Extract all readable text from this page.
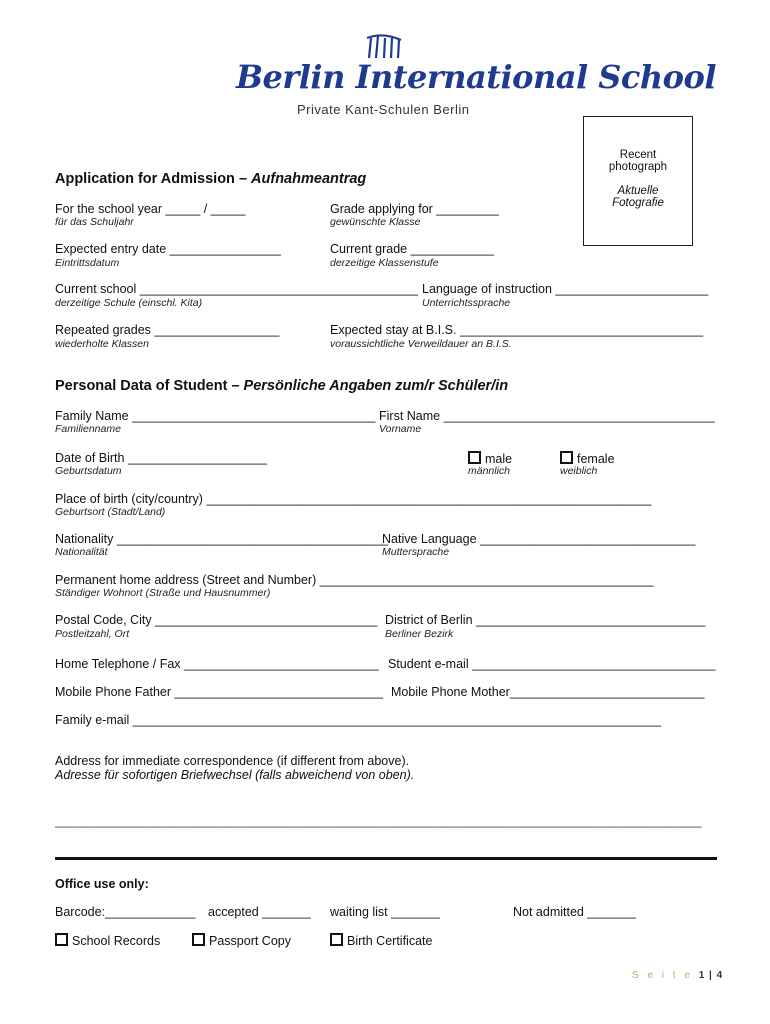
Berlin International School
Private Kant-Schulen Berlin
Recent
photograph
Aktuelle
Fotografie
Application for Admission – Aufnahmeantrag
For the school year _____ / _____
für das Schuljahr
Grade applying for _________
gewünschte Klasse
Expected entry date ________________
Eintrittsdatum
Current grade ____________
derzeitige Klassenstufe
Current school ________________________________________
derzeitige Schule (einschl. Kita)
Language of instruction ______________________
Unterrichtssprache
Repeated grades __________________
wiederholte Klassen
Expected stay at B.I.S. ___________________________________
voraussichtliche Verweildauer an B.I.S.
Personal Data of Student – Persönliche Angaben zum/r Schüler/in
Family Name ___________________________________
Familienname
First Name _______________________________________
Vorname
Date of Birth ____________________
Geburtsdatum
male
männlich
female
weiblich
Place of birth (city/country) ________________________________________________________________
Geburtsort (Stadt/Land)
Nationality _______________________________________
Nationalität
Native Language _______________________________
Muttersprache
Permanent home address (Street and Number) ________________________________________________
Ständiger Wohnort (Straße und Hausnummer)
Postal Code, City ________________________________
Postleitzahl, Ort
District of Berlin _________________________________
Berliner Bezirk
Home Telephone / Fax ____________________________ Student e-mail ___________________________________
Mobile Phone Father ______________________________ Mobile Phone Mother____________________________
Family e-mail ____________________________________________________________________________
Address for immediate correspondence (if different from above).
Adresse für sofortigen Briefwechsel (falls abweichend von oben).
_____________________________________________________________________________________________
Office use only:
Barcode:_____________ accepted _______ waiting list _______	Not admitted _______
School Records	Passport Copy	Birth Certificate
S e i t e 1 | 4
